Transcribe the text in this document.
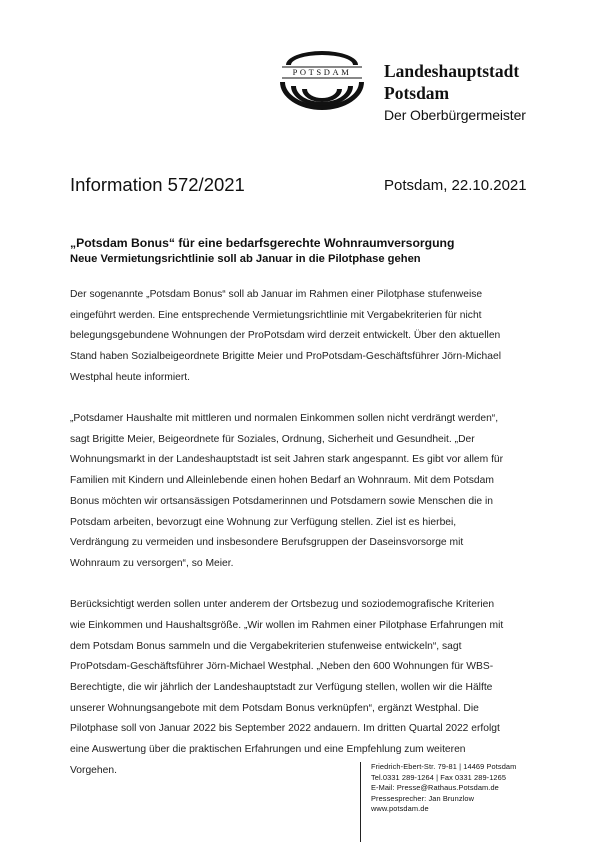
POTSDAM Landeshauptstadt
Potsdam
Der Oberbürgermeister
Information 572/2021	Potsdam, 22.10.2021
„Potsdam Bonus“ für eine bedarfsgerechte Wohnraumversorgung
Neue Vermietungsrichtlinie soll ab Januar in die Pilotphase gehen

Der sogenannte „Potsdam Bonus“ soll ab Januar im Rahmen einer Pilotphase stufenweise
eingeführt werden. Eine entsprechende Vermietungsrichtlinie mit Vergabekriterien für nicht
belegungsgebundene Wohnungen der ProPotsdam wird derzeit entwickelt. Über den aktuellen
Stand haben Sozialbeigeordnete Brigitte Meier und ProPotsdam-Geschäftsführer Jörn-Michael
Westphal heute informiert.

„Potsdamer Haushalte mit mittleren und normalen Einkommen sollen nicht verdrängt werden“,
sagt Brigitte Meier, Beigeordnete für Soziales, Ordnung, Sicherheit und Gesundheit. „Der
Wohnungsmarkt in der Landeshauptstadt ist seit Jahren stark angespannt. Es gibt vor allem für
Familien mit Kindern und Alleinlebende einen hohen Bedarf an Wohnraum. Mit dem Potsdam
Bonus möchten wir ortsansässigen Potsdamerinnen und Potsdamern sowie Menschen die in
Potsdam arbeiten, bevorzugt eine Wohnung zur Verfügung stellen. Ziel ist es hierbei,
Verdrängung zu vermeiden und insbesondere Berufsgruppen der Daseinsvorsorge mit
Wohnraum zu versorgen“, so Meier.

Berücksichtigt werden sollen unter anderem der Ortsbezug und soziodemografische Kriterien
wie Einkommen und Haushaltsgröße. „Wir wollen im Rahmen einer Pilotphase Erfahrungen mit
dem Potsdam Bonus sammeln und die Vergabekriterien stufenweise entwickeln“, sagt
ProPotsdam-Geschäftsführer Jörn-Michael Westphal. „Neben den 600 Wohnungen für WBS-
Berechtigte, die wir jährlich der Landeshauptstadt zur Verfügung stellen, wollen wir die Hälfte
unserer Wohnungsangebote mit dem Potsdam Bonus verknüpfen“, ergänzt Westphal. Die
Pilotphase soll von Januar 2022 bis September 2022 andauern. Im dritten Quartal 2022 erfolgt
eine Auswertung über die praktischen Erfahrungen und eine Empfehlung zum weiteren
Vorgehen.	Friedrich-Ebert-Str. 79-81 | 14469 Potsdam
Tel.0331 289-1264 | Fax 0331 289-1265
E-Mail: Presse@Rathaus.Potsdam.de
Pressesprecher: Jan Brunzlow
www.potsdam.de
